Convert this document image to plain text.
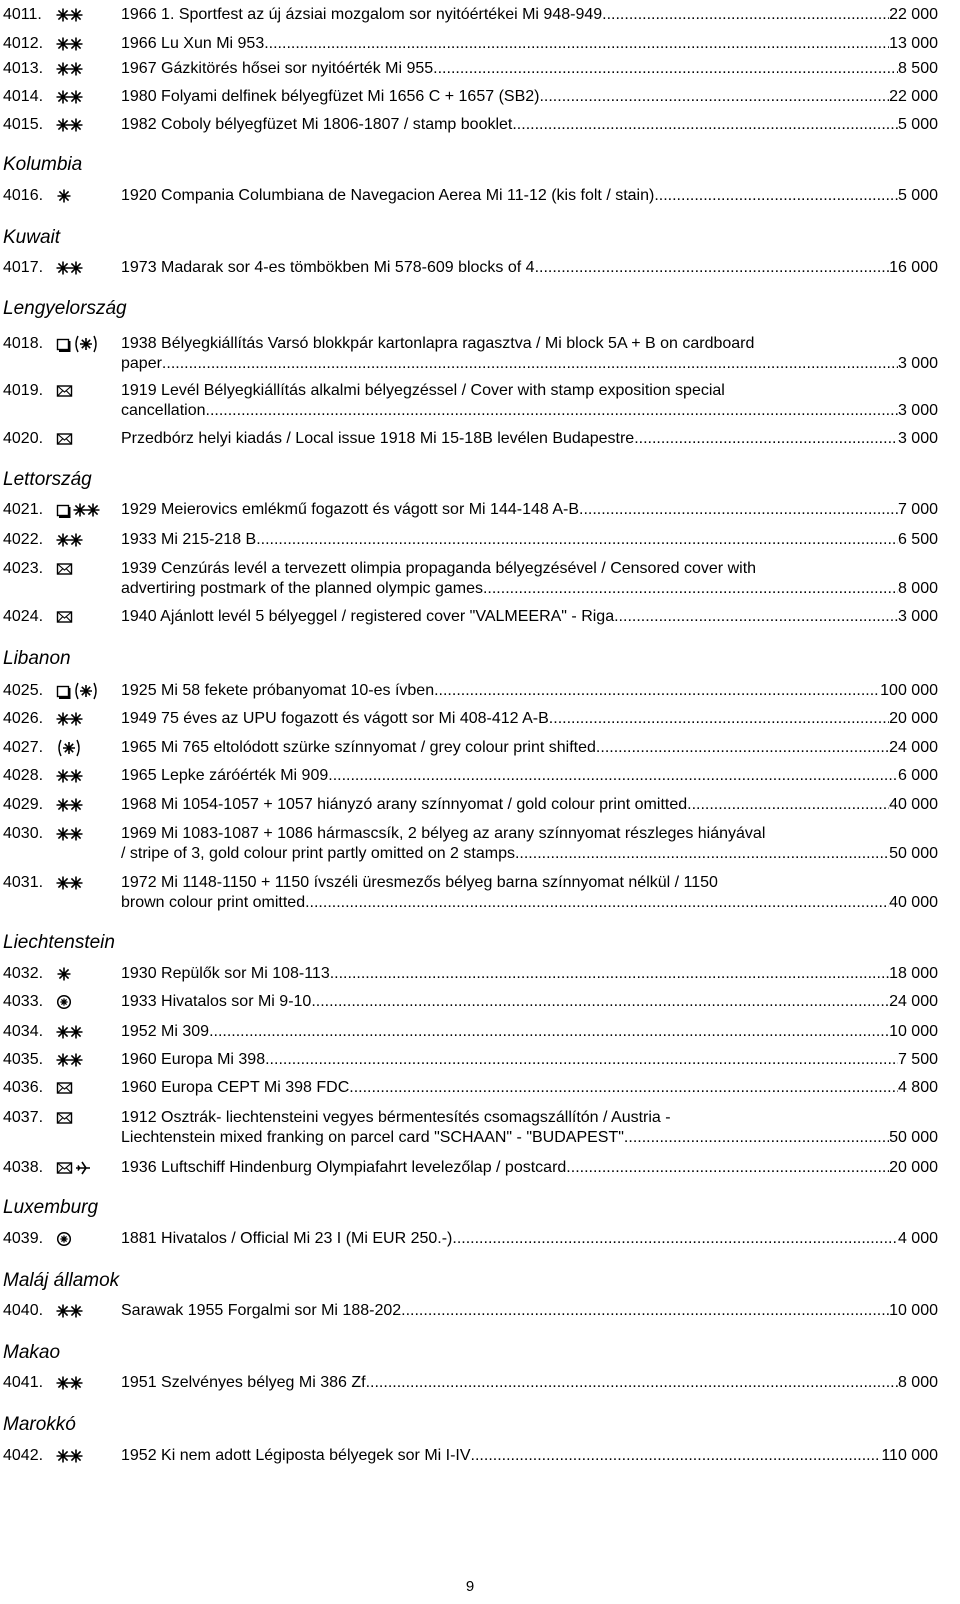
4011.	1966 1. Sportfest az új ázsiai mozgalom sor nyitóértékei Mi 948-949 .....	22 000
4012.	1966 Lu Xun Mi 953 .....	13 000
4013.	1967 Gázkitörés hősei sor nyitóérték Mi 955 .....	8 500
4014.	1980 Folyami delfinek bélyegfüzet Mi 1656 C + 1657 (SB2) .....	22 000
4015.	1982 Coboly bélyegfüzet Mi 1806-1807 / stamp booklet .....	5 000
Kolumbia
4016.	1920 Compania Columbiana de Navegacion Aerea Mi 11-12 (kis folt / stain) .....	5 000
Kuwait
4017.	1973 Madarak sor 4-es tömbökben Mi 578-609 blocks of 4 .....	16 000
Lengyelország
4018.	1938 Bélyegkiállítás Varsó blokkpár kartonlapra ragasztva / Mi block 5A + B on cardboard
paper .....	3 000
4019.	1919 Levél Bélyegkiállítás alkalmi bélyegzéssel / Cover with stamp exposition special
cancellation .....	3 000
4020.	Przedbórz helyi kiadás / Local issue 1918 Mi 15-18B levélen Budapestre .....	3 000
Lettország
4021.	1929 Meierovics emlékmű fogazott és vágott sor Mi 144-148 A-B .....	7 000
4022.	1933 Mi 215-218 B .....	6 500
4023.	1939 Cenzúrás levél a tervezett olimpia propaganda bélyegzésével / Censored cover with
advertiring postmark of the planned olympic games .....	8 000
4024.	1940 Ajánlott levél 5 bélyeggel / registered cover "VALMEERA" - Riga .....	3 000
Libanon
4025.	1925 Mi 58 fekete próbanyomat 10-es ívben .....	100 000
4026.	1949 75 éves az UPU fogazott és vágott sor Mi 408-412 A-B .....	20 000
4027.	1965 Mi 765 eltolódott szürke színnyomat / grey colour print shifted .....	24 000
4028.	1965 Lepke záróérték Mi 909 .....	6 000
4029.	1968 Mi 1054-1057 + 1057 hiányzó arany színnyomat / gold colour print omitted .....	40 000
4030.	1969 Mi 1083-1087 + 1086 hármascsík, 2 bélyeg az arany színnyomat részleges hiányával
/ stripe of 3, gold colour print partly omitted on 2 stamps .....	50 000
4031.	1972 Mi 1148-1150 + 1150 ívszéli üresmezős bélyeg barna színnyomat nélkül / 1150
brown colour print omitted .....	40 000
Liechtenstein
4032.	1930 Repülők sor Mi 108-113 .....	18 000
4033.	1933 Hivatalos sor Mi 9-10 .....	24 000
4034.	1952 Mi 309 .....	10 000
4035.	1960 Europa Mi 398 .....	7 500
4036.	1960 Europa CEPT Mi 398 FDC .....	4 800
4037.	1912 Osztrák- liechtensteini vegyes bérmentesítés csomagszállítón / Austria -
Liechtenstein mixed franking on parcel card "SCHAAN" - "BUDAPEST" .....	50 000
4038.	1936 Luftschiff Hindenburg Olympiafahrt levelezőlap / postcard .....	20 000
Luxemburg
4039.	1881 Hivatalos / Official Mi 23 I (Mi EUR 250.-) .....	4 000
Maláj államok
4040.	Sarawak 1955 Forgalmi sor Mi 188-202 .....	10 000
Makao
4041.	1951 Szelvényes bélyeg Mi 386 Zf. .....	8 000
Marokkó
4042.	1952 Ki nem adott Légiposta bélyegek sor Mi I-IV .....	110 000
9
